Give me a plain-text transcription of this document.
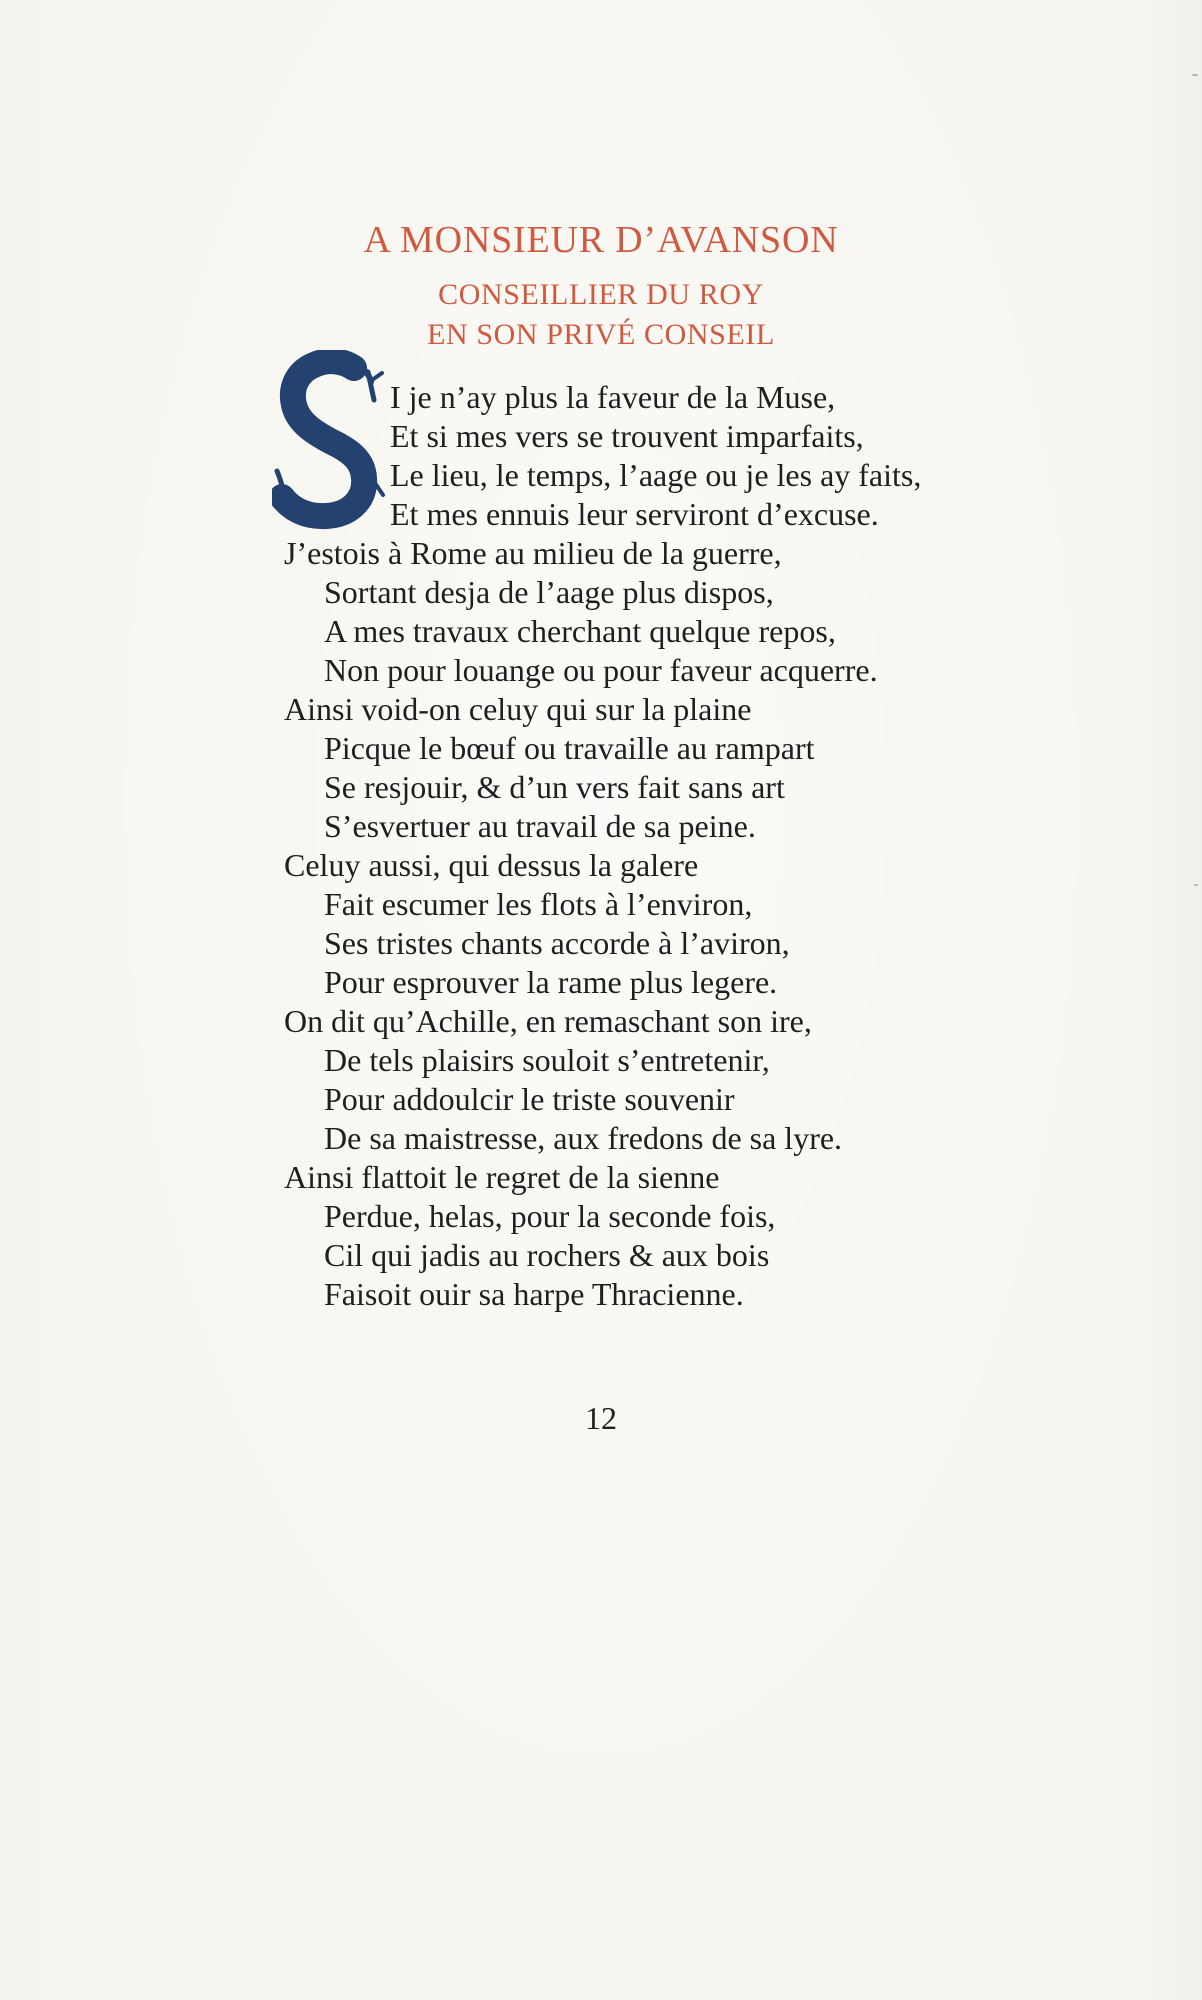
A MONSIEUR D’AVANSON
CONSEILLIER DU ROY
EN SON PRIVÉ CONSEIL
S I je n’ay plus la faveur de la Muse,
Et si mes vers se trouvent imparfaits,
Le lieu, le temps, l’aage ou je les ay faits,
Et mes ennuis leur serviront d’excuse.
J’estois à Rome au milieu de la guerre,
Sortant desja de l’aage plus dispos,
A mes travaux cherchant quelque repos,
Non pour louange ou pour faveur acquerre.
Ainsi void-on celuy qui sur la plaine
Picque le bœuf ou travaille au rampart
Se resjouir, & d’un vers fait sans art
S’esvertuer au travail de sa peine.
Celuy aussi, qui dessus la galere
Fait escumer les flots à l’environ,
Ses tristes chants accorde à l’aviron,
Pour esprouver la rame plus legere.
On dit qu’Achille, en remaschant son ire,
De tels plaisirs souloit s’entretenir,
Pour addoulcir le triste souvenir
De sa maistresse, aux fredons de sa lyre.
Ainsi flattoit le regret de la sienne
Perdue, helas, pour la seconde fois,
Cil qui jadis au rochers & aux bois
Faisoit ouir sa harpe Thracienne.
12
